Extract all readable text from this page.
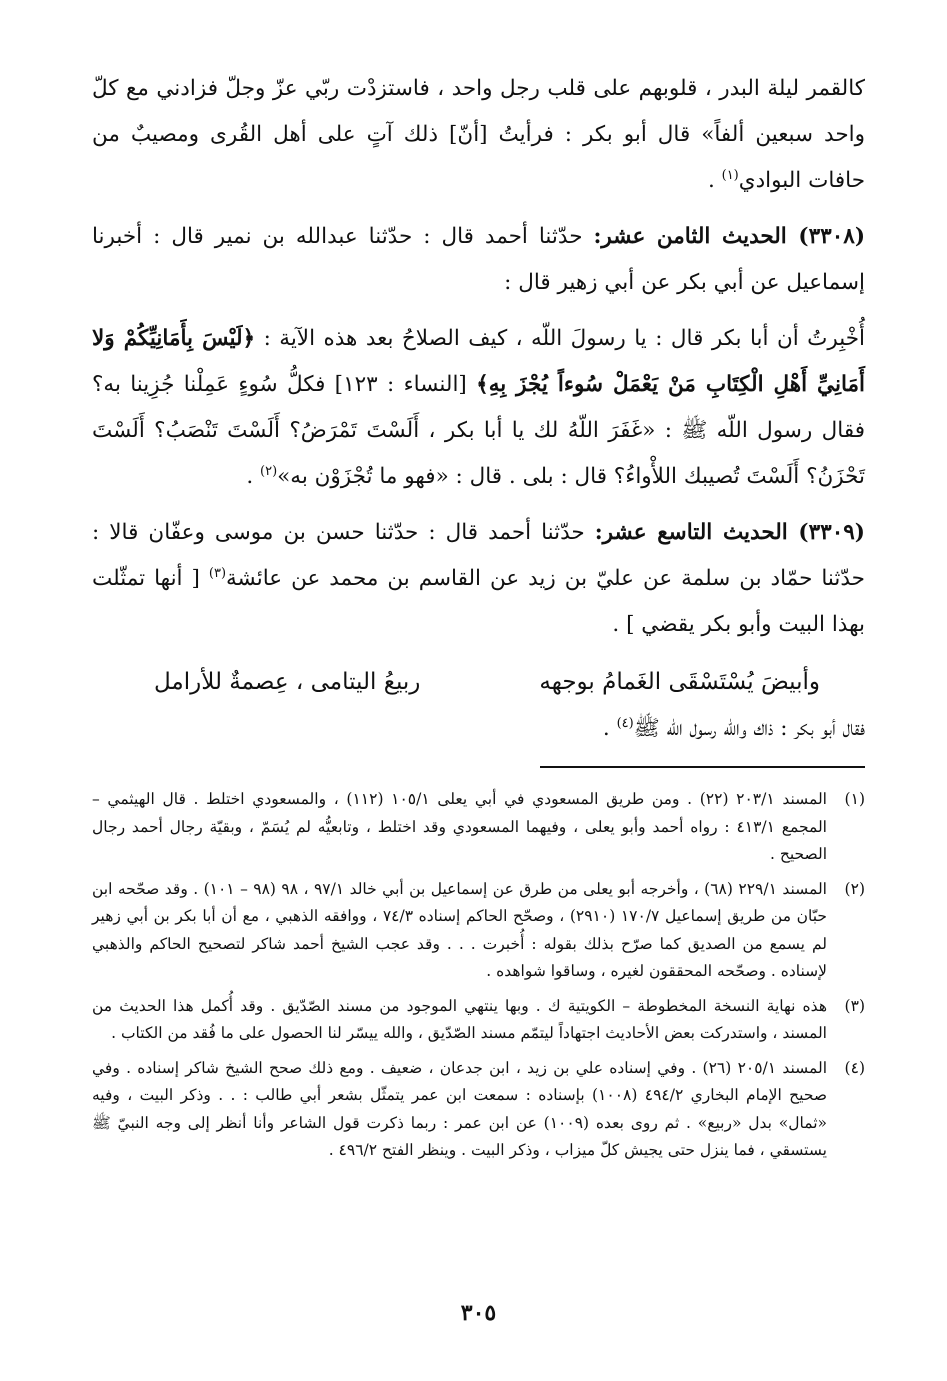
كالقمر ليلة البدر ، قلوبهم على قلب رجل واحد ، فاستزدْت ربّي عزّ وجلّ فزادني مع كلّ واحد سبعين ألفاً» قال أبو بكر : فرأيتُ [أنّ] ذلك آتٍ على أهل القُرى ومصيبٌ من حافات البوادي$^{(١)}$ .

(٣٣٠٨) الحديث الثامن عشر: حدّثنا أحمد قال : حدّثنا عبدالله بن نمير قال : أخبرنا إسماعيل عن أبي بكر عن أبي زهير قال :

أُخْبِرتُ أن أبا بكر قال : يا رسولَ اللّه ، كيف الصلاحُ بعد هذه الآية : ﴿لَيْسَ بِأَمَانِيِّكُمْ وَلا أَمَانِيِّ أَهْلِ الْكِتَابِ مَنْ يَعْمَلْ سُوءاً يُجْزَ بِهِ﴾ [النساء : ١٢٣] فكلُّ سُوءٍ عَمِلْنا جُزِينا به؟ فقال رسول اللّه ﷺ : «غَفَرَ اللّهُ لك يا أبا بكر ، أَلَسْتَ تَمْرَضُ؟ أَلَسْتَ تَنْصَبُ؟ أَلَسْتَ تَحْزَنُ؟ أَلَسْتَ تُصيبك اللأْواءُ؟ قال : بلى . قال : «فهو ما تُجْزَوْن به»$^{(٢)}$ .

(٣٣٠٩) الحديث التاسع عشر: حدّثنا أحمد قال : حدّثنا حسن بن موسى وعفّان قالا : حدّثنا حمّاد بن سلمة عن عليّ بن زيد عن القاسم بن محمد عن عائشة$^{(٣)}$ [ أنها تمثّلت بهذا البيت وأبو بكر يقضي ] .

وأبيضَ يُسْتَسْقَى الغَمامُ بوجهه
ربيعُ اليتامى ، عِصمةٌ للأرامل

فقال أبو بكر : ذاك والله رسول الله ﷺ$^{(٤)}$ .

(١)
المسند ٢٠٣/١ (٢٢) . ومن طريق المسعودي في أبي يعلى ١٠٥/١ (١١٢) ، والمسعودي اختلط . قال الهيثمي – المجمع ٤١٣/١ : رواه أحمد وأبو يعلى ، وفيهما المسعودي وقد اختلط ، وتابعيُّه لم يُسَمّ ، وبقيّة رجال أحمد رجال الصحيح .
(٢)
المسند ٢٢٩/١ (٦٨) ، وأخرجه أبو يعلى من طرق عن إسماعيل بن أبي خالد ٩٧/١ ، ٩٨ (٩٨ – ١٠١) . وقد صحّحه ابن حبّان من طريق إسماعيل ١٧٠/٧ (٢٩١٠) ، وصحّح الحاكم إسناده ٧٤/٣ ، ووافقه الذهبي ، مع أن أبا بكر بن أبي زهير لم يسمع من الصديق كما صرّح بذلك بقوله : أُخبرت . . . وقد عجب الشيخ أحمد شاكر لتصحيح الحاكم والذهبي لإسناده . وصحّحه المحققون لغيره ، وساقوا شواهده .
(٣)
هذه نهاية النسخة المخطوطة – الكويتية ك . وبها ينتهي الموجود من مسند الصّدّيق . وقد أُكمل هذا الحديث من المسند ، واستدركت بعض الأحاديث اجتهاداً ليتمّم مسند الصّدّيق ، والله ييسّر لنا الحصول على ما فُقد من الكتاب .
(٤)
المسند ٢٠٥/١ (٢٦) . وفي إسناده علي بن زيد ، ابن جدعان ، ضعيف . ومع ذلك صحح الشيخ شاكر إسناده . وفي صحيح الإمام البخاري ٤٩٤/٢ (١٠٠٨) بإسناده : سمعت ابن عمر يتمثّل بشعر أبي طالب : . . وذكر البيت ، وفيه «ثمال» بدل «ربيع» . ثم روى بعده (١٠٠٩) عن ابن عمر : ربما ذكرت قول الشاعر وأنا أنظر إلى وجه النبيّ ﷺ يستسقي ، فما ينزل حتى يجيش كلّ ميزاب ، وذكر البيت . وينظر الفتح ٤٩٦/٢ .
٣٠٥
